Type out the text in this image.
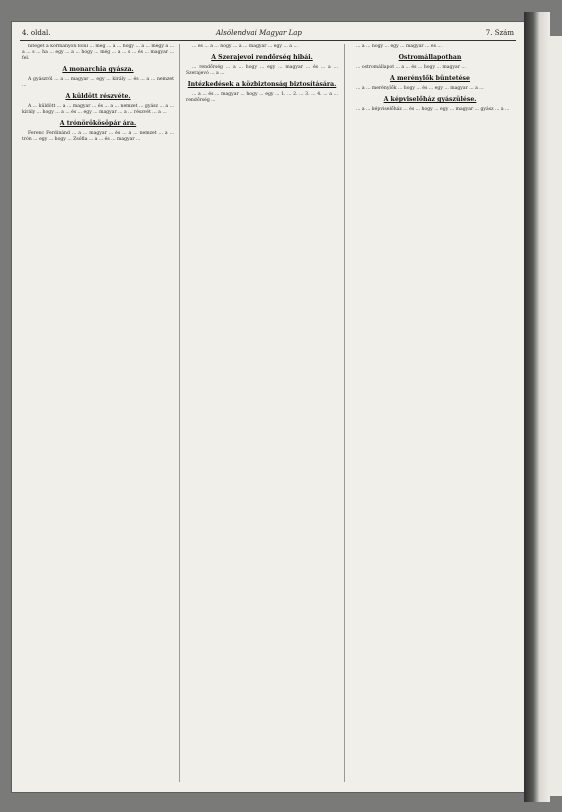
4. oldal.	Alsólendvai Magyar Lap	7. Szám

hiteget a kormányon fölül ... még ... a ... hogy ... a ... megy a ... a ... s ... ha ... egy ... a ... hogy ... még ... a ... s ... és ... magyar ... fel.

A monarchia gyásza.

A gyászról ... a ... magyar ... egy ... király ... és ... a ... nemzet ...

A küldött részvéte.

A ... küldött ... a ... magyar ... és ... a ... nemzet ... gyász ... a ... király ... hogy ... a ... és ... egy ... magyar ... a ... részvét ... a ...

A trónörökösöpár ára.

Ferenc Ferdinánd ... a ... magyar ... és ... a ... nemzet ... a ... trón ... egy ... hogy ... Zsófia ... a ... és ... magyar ...

... és ... a ... hogy ... a ... magyar ... egy ... a ...

A Szerajevoi rendőrség hibái.

... rendőrség ... a ... hogy ... egy ... magyar ... és ... a ... Szerajevó ... a ...

Intézkedések a közbiztonság biztosítására.

... a ... és ... magyar ... hogy ... egy ... 1. ... 2. ... 3. ... 4. ... a ... rendőrség ...

... a ... hogy ... egy ... magyar ... és ...

Ostromállapothan

... ostromállapot ... a ... és ... hogy ... magyar ...

A merénylők büntetése

... a ... merénylők ... hogy ... és ... egy ... magyar ... a ...

A képviselőház gyászülése.

... a ... képviselőház ... és ... hogy ... egy ... magyar ... gyász ... a ...
